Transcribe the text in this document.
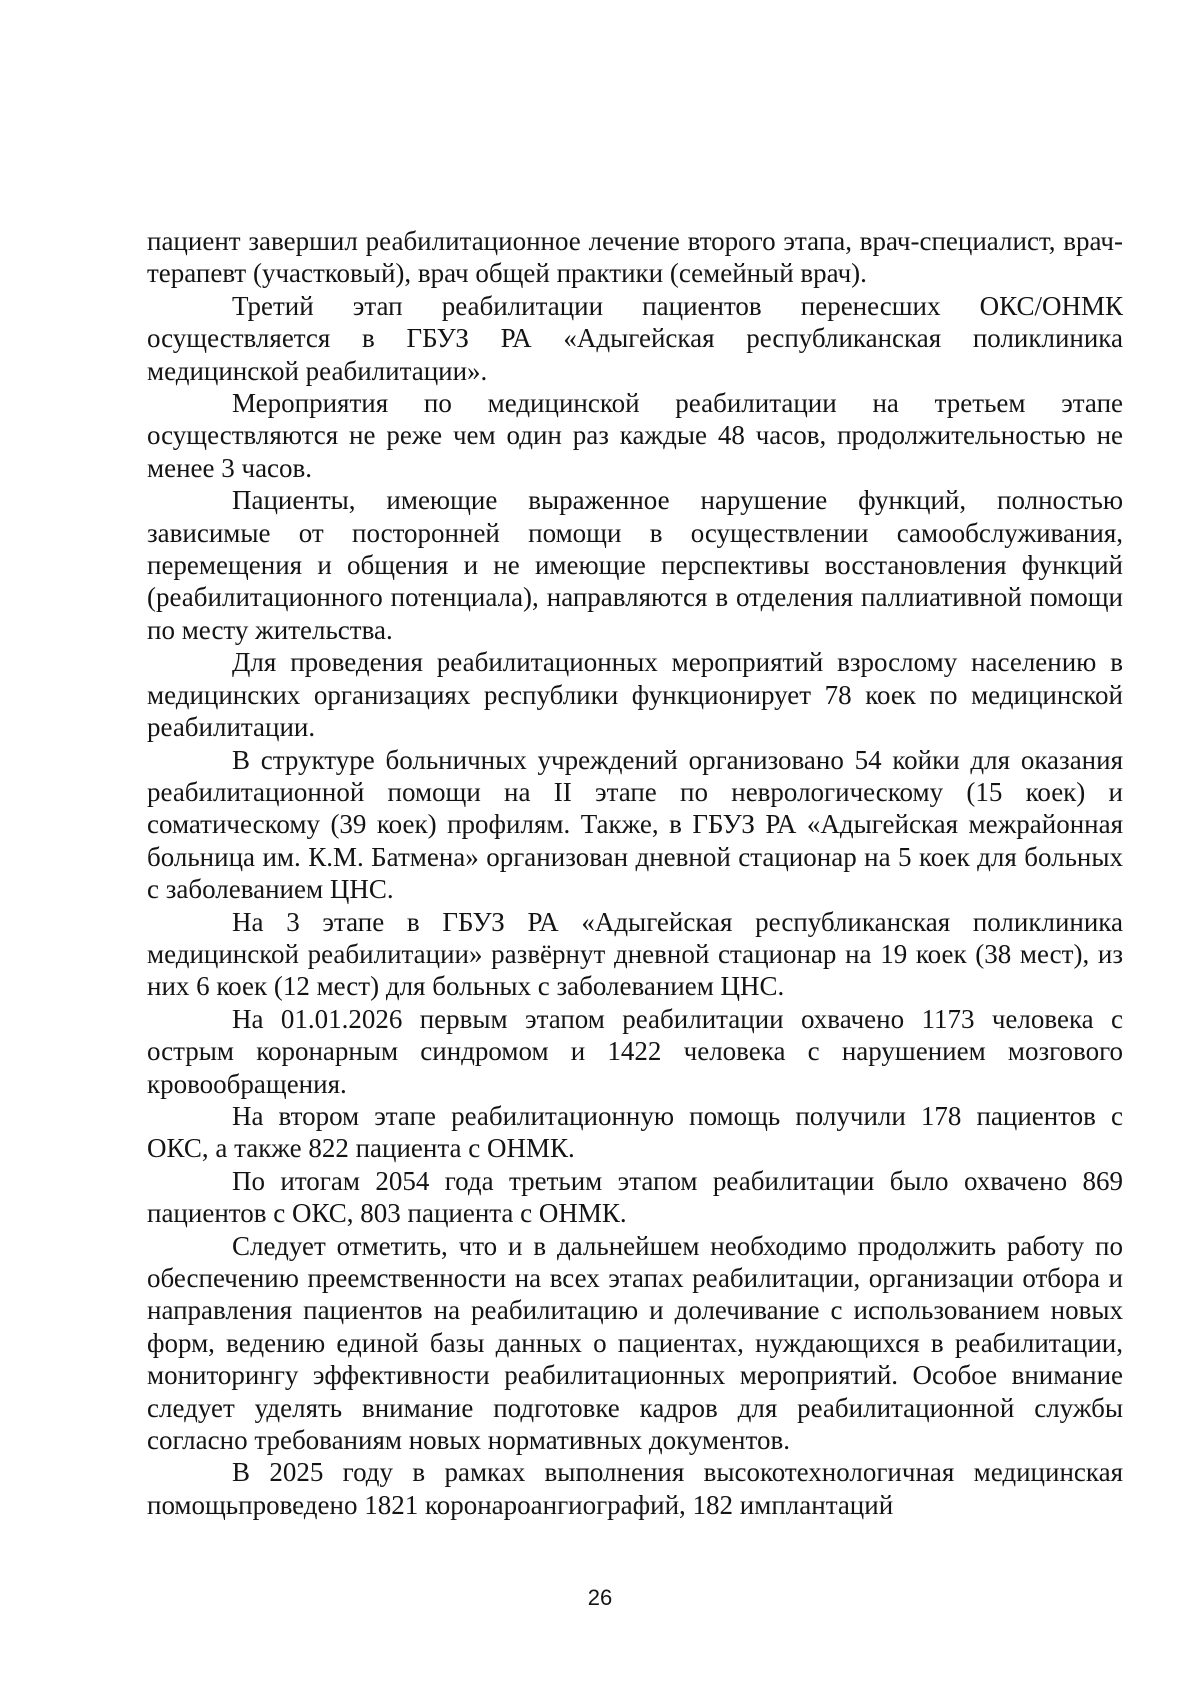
пациент завершил реабилитационное лечение второго этапа, врач-специалист, врач-терапевт (участковый), врач общей практики (семейный врач).

Третий этап реабилитации пациентов перенесших ОКС/ОНМК осуществляется в ГБУЗ РА «Адыгейская республиканская поликлиника медицинской реабилитации».

Мероприятия по медицинской реабилитации на третьем этапе осуществляются не реже чем один раз каждые 48 часов, продолжительностью не менее 3 часов.

Пациенты, имеющие выраженное нарушение функций, полностью зависимые от посторонней помощи в осуществлении самообслуживания, перемещения и общения и не имеющие перспективы восстановления функций (реабилитационного потенциала), направляются в отделения паллиативной помощи по месту жительства.

Для проведения реабилитационных мероприятий взрослому населению в медицинских организациях республики функционирует 78 коек по медицинской реабилитации.

В структуре больничных учреждений организовано 54 койки для оказания реабилитационной помощи на II этапе по неврологическому (15 коек) и соматическому (39 коек) профилям. Также, в ГБУЗ РА «Адыгейская межрайонная больница им. К.М. Батмена» организован дневной стационар на 5 коек для больных с заболеванием ЦНС.

На 3 этапе в ГБУЗ РА «Адыгейская республиканская поликлиника медицинской реабилитации» развёрнут дневной стационар на 19 коек (38 мест), из них 6 коек (12 мест) для больных с заболеванием ЦНС.

На 01.01.2026 первым этапом реабилитации охвачено 1173 человека с острым коронарным синдромом и 1422 человека с нарушением мозгового кровообращения.

На втором этапе реабилитационную помощь получили 178 пациентов с ОКС, а также 822 пациента с ОНМК.

По итогам 2054 года третьим этапом реабилитации было охвачено 869 пациентов с ОКС, 803 пациента с ОНМК.

Следует отметить, что и в дальнейшем необходимо продолжить работу по обеспечению преемственности на всех этапах реабилитации, организации отбора и направления пациентов на реабилитацию и долечивание с использованием новых форм, ведению единой базы данных о пациентах, нуждающихся в реабилитации, мониторингу эффективности реабилитационных мероприятий. Особое внимание следует уделять внимание подготовке кадров для реабилитационной службы согласно требованиям новых нормативных документов.

В 2025 году в рамках выполнения высокотехнологичная медицинская помощьпроведено 1821 коронароангиографий, 182 имплантаций

26
